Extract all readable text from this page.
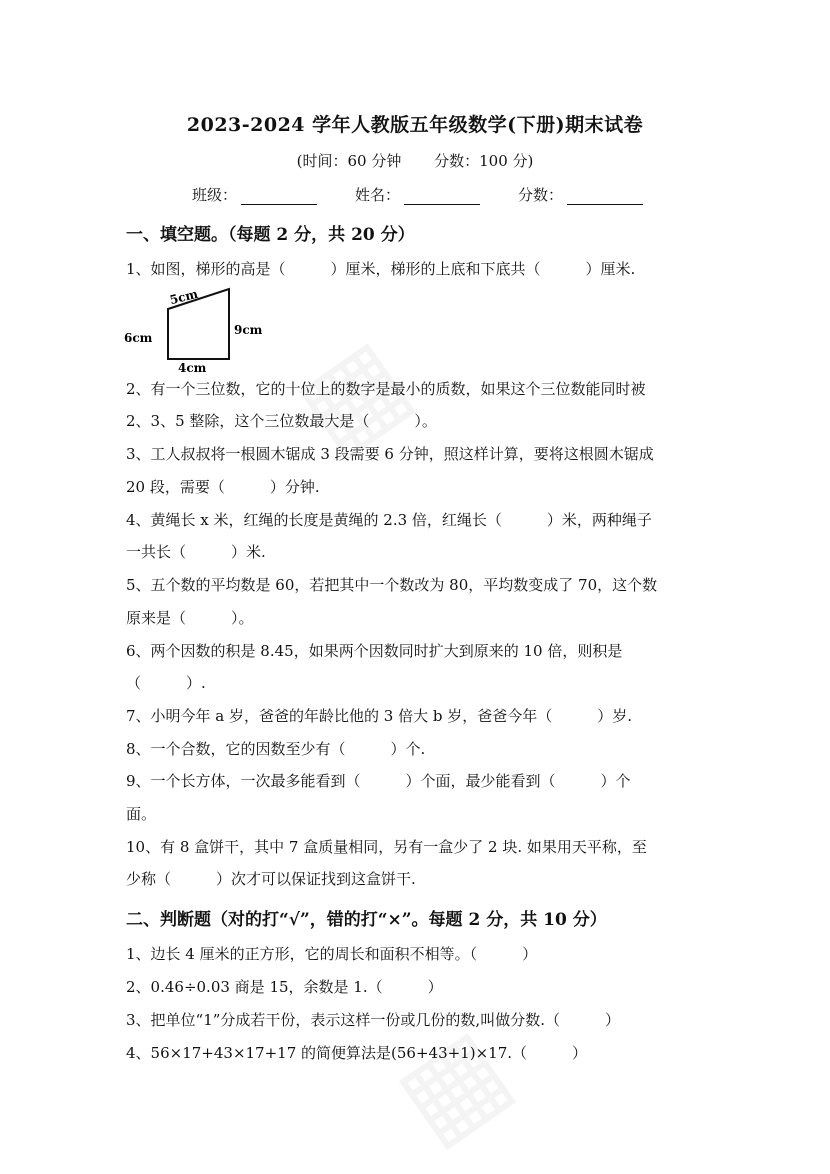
2023-2024 学年人教版五年级数学(下册)期末试卷
(时间：60 分钟 分数：100 分)
班级：	姓名：	分数：
一、填空题。（每题 2 分，共 20 分）
1、如图，梯形的高是（　　　）厘米，梯形的上底和下底共（　　　）厘米.
5cm
6cm
9cm
4cm
2、有一个三位数，它的十位上的数字是最小的质数，如果这个三位数能同时被
2、3、5 整除，这个三位数最大是（　　　）。
3、工人叔叔将一根圆木锯成 3 段需要 6 分钟，照这样计算，要将这根圆木锯成
20 段，需要（　　　）分钟.
4、黄绳长 x 米，红绳的长度是黄绳的 2.3 倍，红绳长（　　　）米，两种绳子
一共长（　　　）米.
5、五个数的平均数是 60，若把其中一个数改为 80，平均数变成了 70，这个数
原来是（　　　）。
6、两个因数的积是 8.45，如果两个因数同时扩大到原来的 10 倍，则积是
（　　　）.
7、小明今年 a 岁，爸爸的年龄比他的 3 倍大 b 岁，爸爸今年（　　　）岁.
8、一个合数，它的因数至少有（　　　）个.
9、一个长方体，一次最多能看到（　　　）个面，最少能看到（　　　）个
面。
10、有 8 盒饼干，其中 7 盒质量相同，另有一盒少了 2 块. 如果用天平称，至
少称（　　　）次才可以保证找到这盒饼干.
二、判断题（对的打“√”，错的打“×”。每题 2 分，共 10 分）
1、边长 4 厘米的正方形，它的周长和面积不相等。（　　　）
2、0.46÷0.03 商是 15，余数是 1.（　　　）
3、把单位“1”分成若干份，表示这样一份或几份的数,叫做分数.（　　　）
4、56×17+43×17+17 的简便算法是(56+43+1)×17.（　　　）
